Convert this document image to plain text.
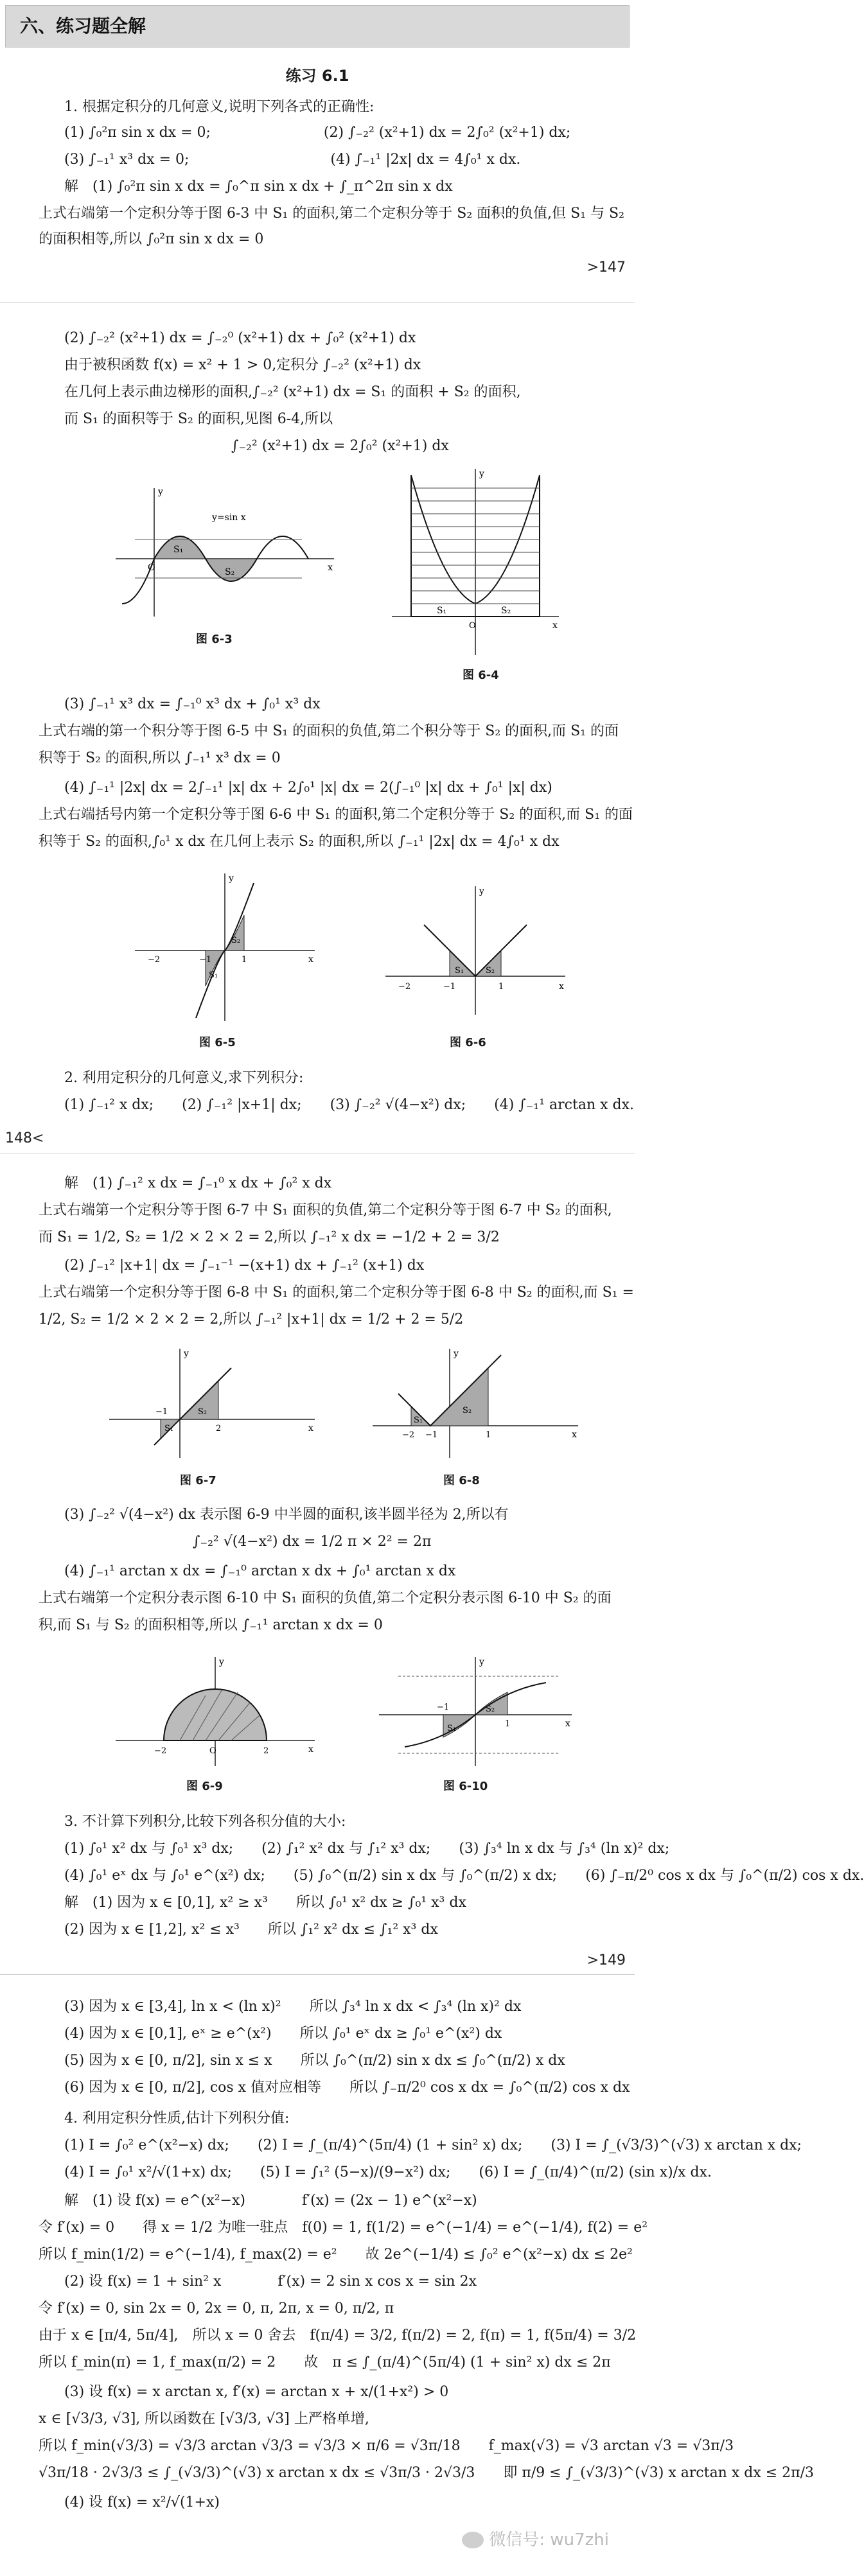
六、练习题全解
练习 6.1
1. 根据定积分的几何意义,说明下列各式的正确性:
(1) ∫₀²π sin x dx = 0;　　　　　　　　(2) ∫₋₂² (x²+1) dx = 2∫₀² (x²+1) dx;
(3) ∫₋₁¹ x³ dx = 0;　　　　　　　　　　(4) ∫₋₁¹ |2x| dx = 4∫₀¹ x dx.
解　(1) ∫₀²π sin x dx = ∫₀^π sin x dx + ∫_π^2π sin x dx
上式右端第一个定积分等于图 6-3 中 S₁ 的面积,第二个定积分等于 S₂ 面积的负值,但 S₁ 与 S₂
的面积相等,所以 ∫₀²π sin x dx = 0
>147
(2) ∫₋₂² (x²+1) dx = ∫₋₂⁰ (x²+1) dx + ∫₀² (x²+1) dx
由于被积函数 f(x) = x² + 1 > 0,定积分 ∫₋₂² (x²+1) dx
在几何上表示曲边梯形的面积,∫₋₂² (x²+1) dx = S₁ 的面积 + S₂ 的面积,
而 S₁ 的面积等于 S₂ 的面积,见图 6-4,所以
∫₋₂² (x²+1) dx = 2∫₀² (x²+1) dx
y=sin x
S₁
S₂
O	x
y
图 6-3
S₁	S₂
O	x
y
图 6-4
(3) ∫₋₁¹ x³ dx = ∫₋₁⁰ x³ dx + ∫₀¹ x³ dx
上式右端的第一个积分等于图 6-5 中 S₁ 的面积的负值,第二个积分等于 S₂ 的面积,而 S₁ 的面
积等于 S₂ 的面积,所以 ∫₋₁¹ x³ dx = 0
(4) ∫₋₁¹ |2x| dx = 2∫₋₁¹ |x| dx + 2∫₀¹ |x| dx = 2(∫₋₁⁰ |x| dx + ∫₀¹ |x| dx)
上式右端括号内第一个定积分等于图 6-6 中 S₁ 的面积,第二个定积分等于 S₂ 的面积,而 S₁ 的面
积等于 S₂ 的面积,∫₀¹ x dx 在几何上表示 S₂ 的面积,所以 ∫₋₁¹ |2x| dx = 4∫₀¹ x dx
S₁
S₂
−2	−1	1	x
y
图 6-5
S₁	S₂
−2	−1	1	x
y
图 6-6
2. 利用定积分的几何意义,求下列积分:
(1) ∫₋₁² x dx;　　(2) ∫₋₁² |x+1| dx;　　(3) ∫₋₂² √(4−x²) dx;　　(4) ∫₋₁¹ arctan x dx.
148<
解　(1) ∫₋₁² x dx = ∫₋₁⁰ x dx + ∫₀² x dx
上式右端第一个定积分等于图 6-7 中 S₁ 面积的负值,第二个定积分等于图 6-7 中 S₂ 的面积,
而 S₁ = 1/2, S₂ = 1/2 × 2 × 2 = 2,所以 ∫₋₁² x dx = −1/2 + 2 = 3/2
(2) ∫₋₁² |x+1| dx = ∫₋₁⁻¹ −(x+1) dx + ∫₋₁² (x+1) dx
上式右端第一个定积分等于图 6-8 中 S₁ 的面积,第二个定积分等于图 6-8 中 S₂ 的面积,而 S₁ =
1/2, S₂ = 1/2 × 2 × 2 = 2,所以 ∫₋₁² |x+1| dx = 1/2 + 2 = 5/2
S₁
S₂
−1
2	x
y
图 6-7
S₁
S₂
−2 −1	1	x
y
图 6-8
(3) ∫₋₂² √(4−x²) dx 表示图 6-9 中半圆的面积,该半圆半径为 2,所以有
∫₋₂² √(4−x²) dx = 1/2 π × 2² = 2π
(4) ∫₋₁¹ arctan x dx = ∫₋₁⁰ arctan x dx + ∫₀¹ arctan x dx
上式右端第一个定积分表示图 6-10 中 S₁ 面积的负值,第二个定积分表示图 6-10 中 S₂ 的面
积,而 S₁ 与 S₂ 的面积相等,所以 ∫₋₁¹ arctan x dx = 0
−2	2
O	x
y
图 6-9
S₁
S₂
−1
1	x
y
图 6-10
3. 不计算下列积分,比较下列各积分值的大小:
(1) ∫₀¹ x² dx 与 ∫₀¹ x³ dx;　　(2) ∫₁² x² dx 与 ∫₁² x³ dx;　　(3) ∫₃⁴ ln x dx 与 ∫₃⁴ (ln x)² dx;
(4) ∫₀¹ eˣ dx 与 ∫₀¹ e^(x²) dx;　　(5) ∫₀^(π/2) sin x dx 与 ∫₀^(π/2) x dx;　　(6) ∫₋π/2⁰ cos x dx 与 ∫₀^(π/2) cos x dx.
解　(1) 因为 x ∈ [0,1], x² ≥ x³　　所以 ∫₀¹ x² dx ≥ ∫₀¹ x³ dx
(2) 因为 x ∈ [1,2], x² ≤ x³　　所以 ∫₁² x² dx ≤ ∫₁² x³ dx
>149
(3) 因为 x ∈ [3,4], ln x < (ln x)²　　所以 ∫₃⁴ ln x dx < ∫₃⁴ (ln x)² dx
(4) 因为 x ∈ [0,1], eˣ ≥ e^(x²)　　所以 ∫₀¹ eˣ dx ≥ ∫₀¹ e^(x²) dx
(5) 因为 x ∈ [0, π/2], sin x ≤ x　　所以 ∫₀^(π/2) sin x dx ≤ ∫₀^(π/2) x dx
(6) 因为 x ∈ [0, π/2], cos x 值对应相等　　所以 ∫₋π/2⁰ cos x dx = ∫₀^(π/2) cos x dx
4. 利用定积分性质,估计下列积分值:
(1) I = ∫₀² e^(x²−x) dx;　　(2) I = ∫_(π/4)^(5π/4) (1 + sin² x) dx;　　(3) I = ∫_(√3/3)^(√3) x arctan x dx;
(4) I = ∫₀¹ x²/√(1+x) dx;　　(5) I = ∫₁² (5−x)/(9−x²) dx;　　(6) I = ∫_(π/4)^(π/2) (sin x)/x dx.
解　(1) 设 f(x) = e^(x²−x)　　　　f′(x) = (2x − 1) e^(x²−x)
令 f′(x) = 0　　得 x = 1/2 为唯一驻点　f(0) = 1, f(1/2) = e^(−1/4) = e^(−1/4), f(2) = e²
所以 f_min(1/2) = e^(−1/4), f_max(2) = e²　　故 2e^(−1/4) ≤ ∫₀² e^(x²−x) dx ≤ 2e²
(2) 设 f(x) = 1 + sin² x　　　　f′(x) = 2 sin x cos x = sin 2x
令 f′(x) = 0, sin 2x = 0, 2x = 0, π, 2π, x = 0, π/2, π
由于 x ∈ [π/4, 5π/4],　所以 x = 0 舍去　f(π/4) = 3/2, f(π/2) = 2, f(π) = 1, f(5π/4) = 3/2
所以 f_min(π) = 1, f_max(π/2) = 2　　故　π ≤ ∫_(π/4)^(5π/4) (1 + sin² x) dx ≤ 2π
(3) 设 f(x) = x arctan x, f′(x) = arctan x + x/(1+x²) > 0
x ∈ [√3/3, √3], 所以函数在 [√3/3, √3] 上严格单增,
所以 f_min(√3/3) = √3/3 arctan √3/3 = √3/3 × π/6 = √3π/18　　f_max(√3) = √3 arctan √3 = √3π/3
√3π/18 · 2√3/3 ≤ ∫_(√3/3)^(√3) x arctan x dx ≤ √3π/3 · 2√3/3　　即 π/9 ≤ ∫_(√3/3)^(√3) x arctan x dx ≤ 2π/3
(4) 设 f(x) = x²/√(1+x)
微信号: wu7zhi
